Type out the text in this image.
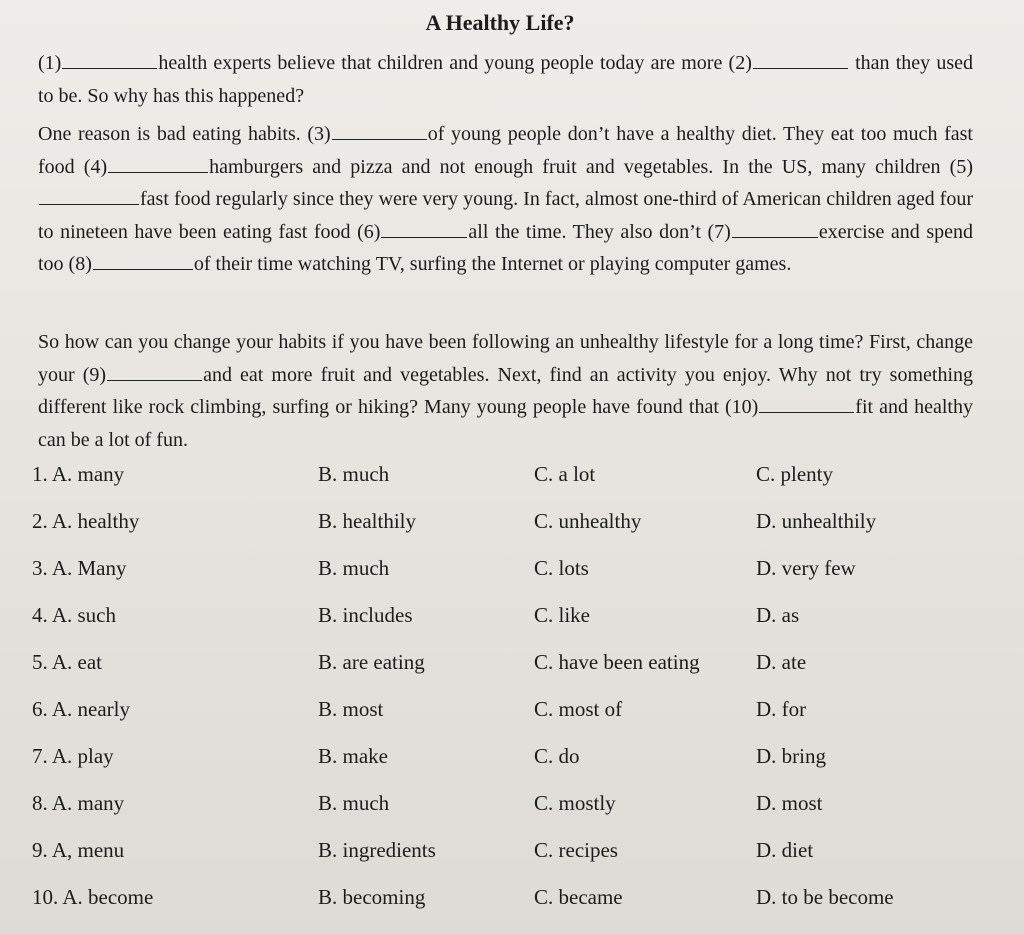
A Healthy Life?
(1)	health experts believe that children and young people today are more (2)	than they used to be. So why has this happened?
One reason is bad eating habits. (3)	of young people don’t have a healthy diet. They eat too much fast food (4)	hamburgers and pizza and not enough fruit and vegetables. In the US, many children (5)fast food regularly since they were very young. In fact, almost one-third of American children aged four to nineteen have been eating fast food (6)	all the time. They also don’t (7)	exercise and spend too (8)	of their time watching TV, surfing the Internet or playing computer games.
So how can you change your habits if you have been following an unhealthy lifestyle for a long time? First, change your (9)	and eat more fruit and vegetables. Next, find an activity you enjoy. Why not try something different like rock climbing, surfing or hiking? Many young people have found that (10)	fit and healthy can be a lot of fun.
1. A. many	B. much	C. a lot	C. plenty
2. A. healthy	B. healthily	C. unhealthy	D. unhealthily
3. A. Many	B. much	C. lots	D. very few
4. A. such	B. includes	C. like	D. as
5. A. eat	B. are eating	C. have been eating	D. ate
6. A. nearly	B. most	C. most of	D. for
7. A. play	B. make	C. do	D. bring
8. A. many	B. much	C. mostly	D. most
9. A, menu	B. ingredients	C. recipes	D. diet
10. A. become	B. becoming	C. became	D. to be become
